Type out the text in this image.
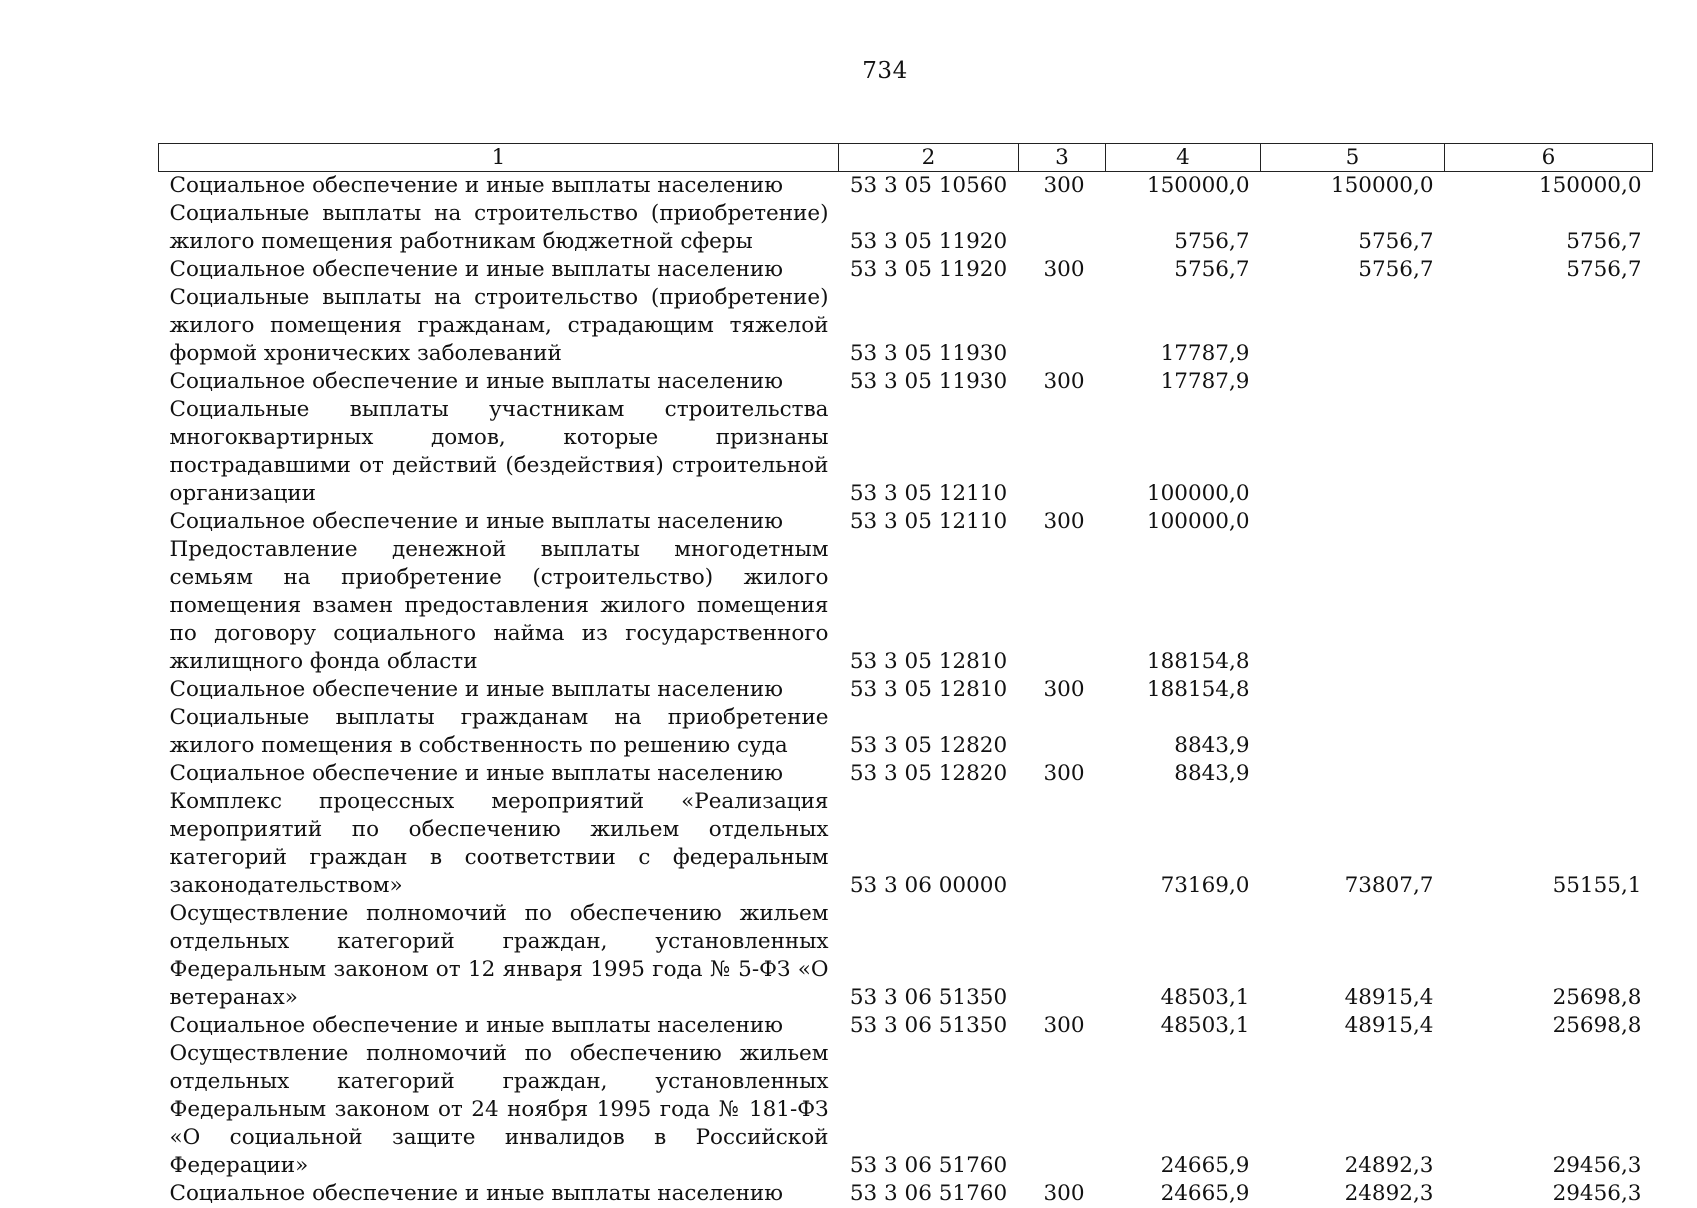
734
1	2	3	4	5	6
Социальное обеспечение и иные выплаты населению	53 3 05 10560	300	150000,0	150000,0	150000,0
Социальные выплаты на строительство (приобретение) жилого помещения работникам бюджетной сферы	53 3 05 11920		5756,7	5756,7	5756,7
Социальное обеспечение и иные выплаты населению	53 3 05 11920	300	5756,7	5756,7	5756,7
Социальные выплаты на строительство (приобретение) жилого помещения гражданам, страдающим тяжелой формой хронических заболеваний	53 3 05 11930		17787,9		
Социальное обеспечение и иные выплаты населению	53 3 05 11930	300	17787,9		
Социальные выплаты участникам строительства многоквартирных домов, которые признаны пострадавшими от действий (бездействия) строительной организации	53 3 05 12110		100000,0		
Социальное обеспечение и иные выплаты населению	53 3 05 12110	300	100000,0		
Предоставление денежной выплаты многодетным семьям на приобретение (строительство) жилого помещения взамен предоставления жилого помещения по договору социального найма из государственного жилищного фонда области	53 3 05 12810		188154,8		
Социальное обеспечение и иные выплаты населению	53 3 05 12810	300	188154,8		
Социальные выплаты гражданам на приобретение жилого помещения в собственность по решению суда	53 3 05 12820		8843,9		
Социальное обеспечение и иные выплаты населению	53 3 05 12820	300	8843,9		
Комплекс процессных мероприятий «Реализация мероприятий по обеспечению жильем отдельных категорий граждан в соответствии с федеральным законодательством»	53 3 06 00000		73169,0	73807,7	55155,1
Осуществление полномочий по обеспечению жильем отдельных категорий граждан, установленных Федеральным законом от 12 января 1995 года № 5-ФЗ «О ветеранах»	53 3 06 51350		48503,1	48915,4	25698,8
Социальное обеспечение и иные выплаты населению	53 3 06 51350	300	48503,1	48915,4	25698,8
Осуществление полномочий по обеспечению жильем отдельных категорий граждан, установленных Федеральным законом от 24 ноября 1995 года № 181-ФЗ «О социальной защите инвалидов в Российской Федерации»	53 3 06 51760		24665,9	24892,3	29456,3
Социальное обеспечение и иные выплаты населению	53 3 06 51760	300	24665,9	24892,3	29456,3
